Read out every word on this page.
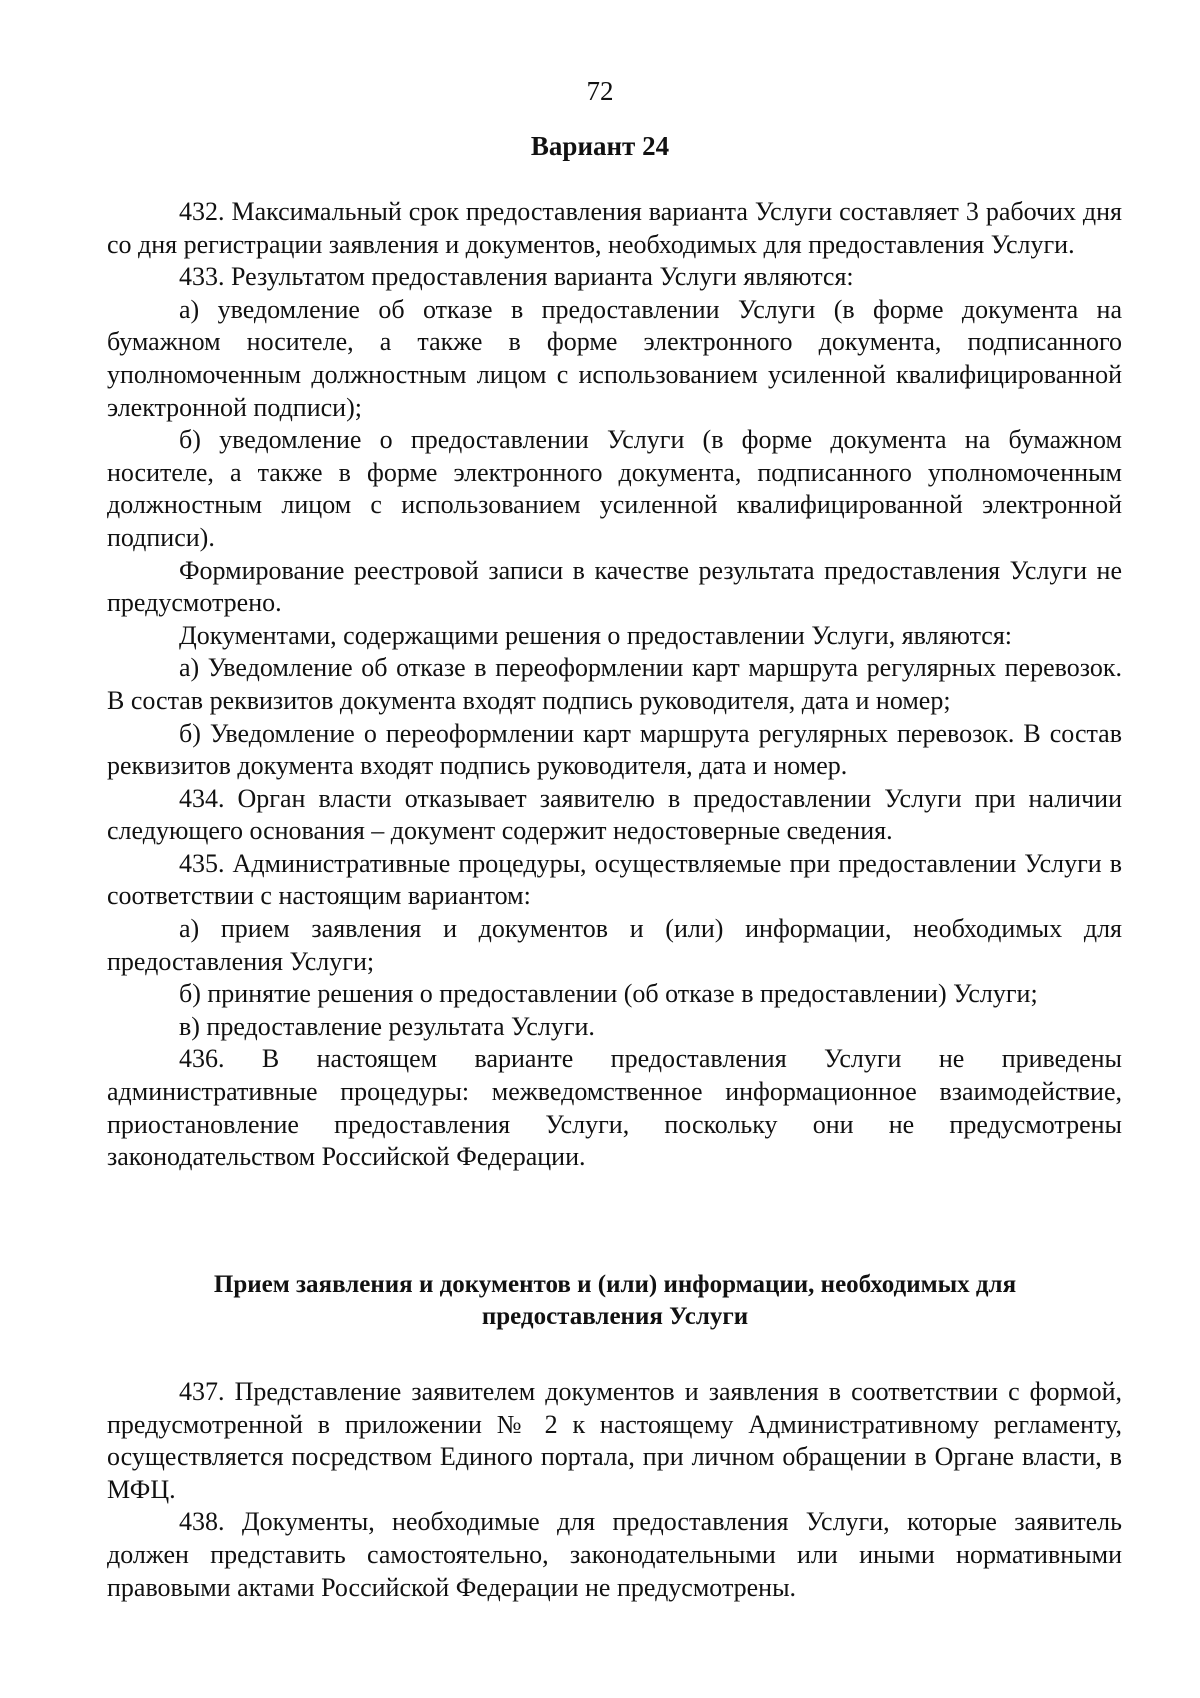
72
Вариант 24

432. Максимальный срок предоставления варианта Услуги составляет 3 рабочих дня со дня регистрации заявления и документов, необходимых для предоставления Услуги.

433. Результатом предоставления варианта Услуги являются:

а) уведомление об отказе в предоставлении Услуги (в форме документа на бумажном носителе, а также в форме электронного документа, подписанного уполномоченным должностным лицом с использованием усиленной квалифицированной электронной подписи);

б) уведомление о предоставлении Услуги (в форме документа на бумажном носителе, а также в форме электронного документа, подписанного уполномоченным должностным лицом с использованием усиленной квалифицированной электронной подписи).

Формирование реестровой записи в качестве результата предоставления Услуги не предусмотрено.

Документами, содержащими решения о предоставлении Услуги, являются:

а) Уведомление об отказе в переоформлении карт маршрута регулярных перевозок. В состав реквизитов документа входят подпись руководителя, дата и номер;

б) Уведомление о переоформлении карт маршрута регулярных перевозок. В состав реквизитов документа входят подпись руководителя, дата и номер.

434. Орган власти отказывает заявителю в предоставлении Услуги при наличии следующего основания – документ содержит недостоверные сведения.

435. Административные процедуры, осуществляемые при предоставлении Услуги в соответствии с настоящим вариантом:

а) прием заявления и документов и (или) информации, необходимых для предоставления Услуги;

б) принятие решения о предоставлении (об отказе в предоставлении) Услуги;

в) предоставление результата Услуги.

436. В настоящем варианте предоставления Услуги не приведены административные процедуры: межведомственное информационное взаимодействие, приостановление предоставления Услуги, поскольку они не предусмотрены законодательством Российской Федерации.

Прием заявления и документов и (или) информации, необходимых для предоставления Услуги

437. Представление заявителем документов и заявления в соответствии с формой, предусмотренной в приложении № 2 к настоящему Административному регламенту, осуществляется посредством Единого портала, при личном обращении в Органе власти, в МФЦ.

438. Документы, необходимые для предоставления Услуги, которые заявитель должен представить самостоятельно, законодательными или иными нормативными правовыми актами Российской Федерации не предусмотрены.
